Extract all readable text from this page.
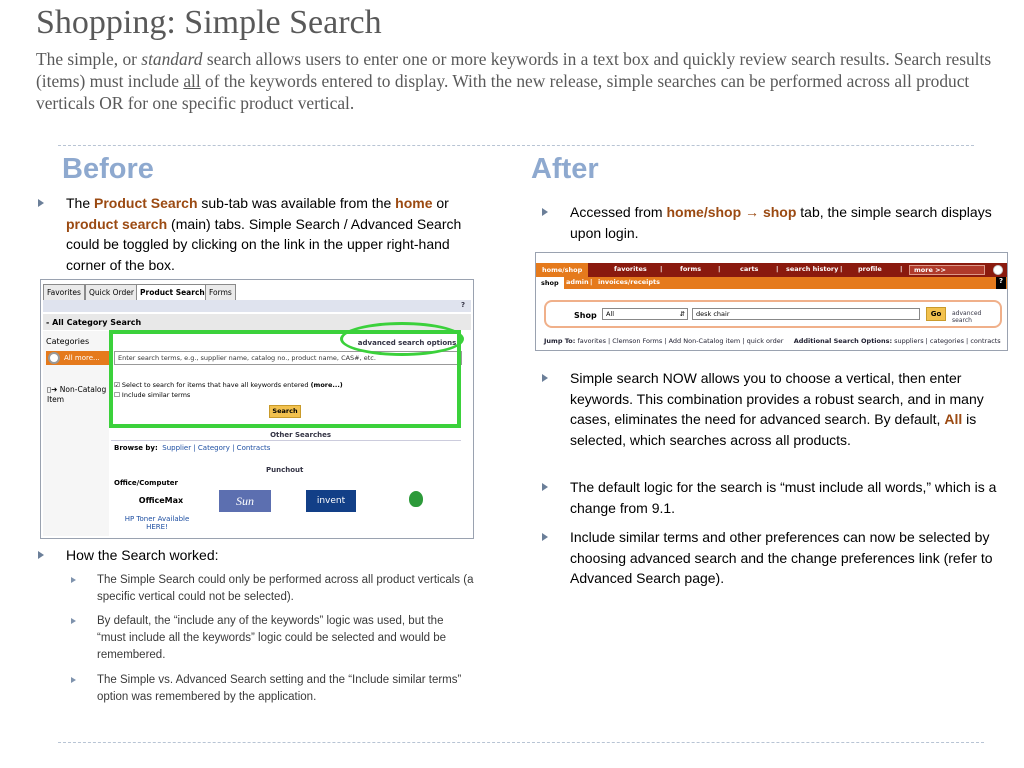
Shopping: Simple Search
The simple, or standard search allows users to enter one or more keywords in a text box and quickly review search results. Search results (items) must include all of the keywords entered to display. With the new release, simple searches can be performed across all product verticals OR for one specific product vertical.
Before
The Product Search sub-tab was available from the home or product search (main) tabs. Simple Search / Advanced Search could be toggled by clicking on the link in the upper right-hand corner of the box.
Favorites	Quick Order Product Search Forms
?
- All Category Search
Categories
All more...
▯➜ Non-Catalog Item
advanced search options.
Enter search terms, e.g., supplier name, catalog no., product name, CAS#, etc.
☑ Select to search for items that have all keywords entered (more...)
☐ Include similar terms
Search
Other Searches
Browse by: Supplier | Category | Contracts
Punchout
Office/Computer
OfficeMax
HP Toner Available HERE!
Sun	invent
How the Search worked:
The Simple Search could only be performed across all product verticals (a specific vertical could not be selected).
By default, the “include any of the keywords” logic was used, but the “must include all the keywords” logic could be selected and would be remembered.
The Simple vs. Advanced Search setting and the “Include similar terms” option was remembered by the application.
After
Accessed from home/shop → shop tab, the simple search displays upon login.
home/shop	favorites |	forms	|	carts	| search history | profile	|	more >>
shop	admin | invoices/receipts	?
Shop	All	⇵	desk chair	Go	advanced search
Jump To: favorites | Clemson Forms | Add Non-Catalog item | quick order Additional Search Options: suppliers | categories | contracts
Simple search NOW allows you to choose a vertical, then enter keywords. This combination provides a robust search, and in many cases, eliminates the need for advanced search. By default, All is selected, which searches across all products.
The default logic for the search is “must include all words,” which is a change from 9.1.
Include similar terms and other preferences can now be selected by choosing advanced search and the change preferences link (refer to Advanced Search page).
